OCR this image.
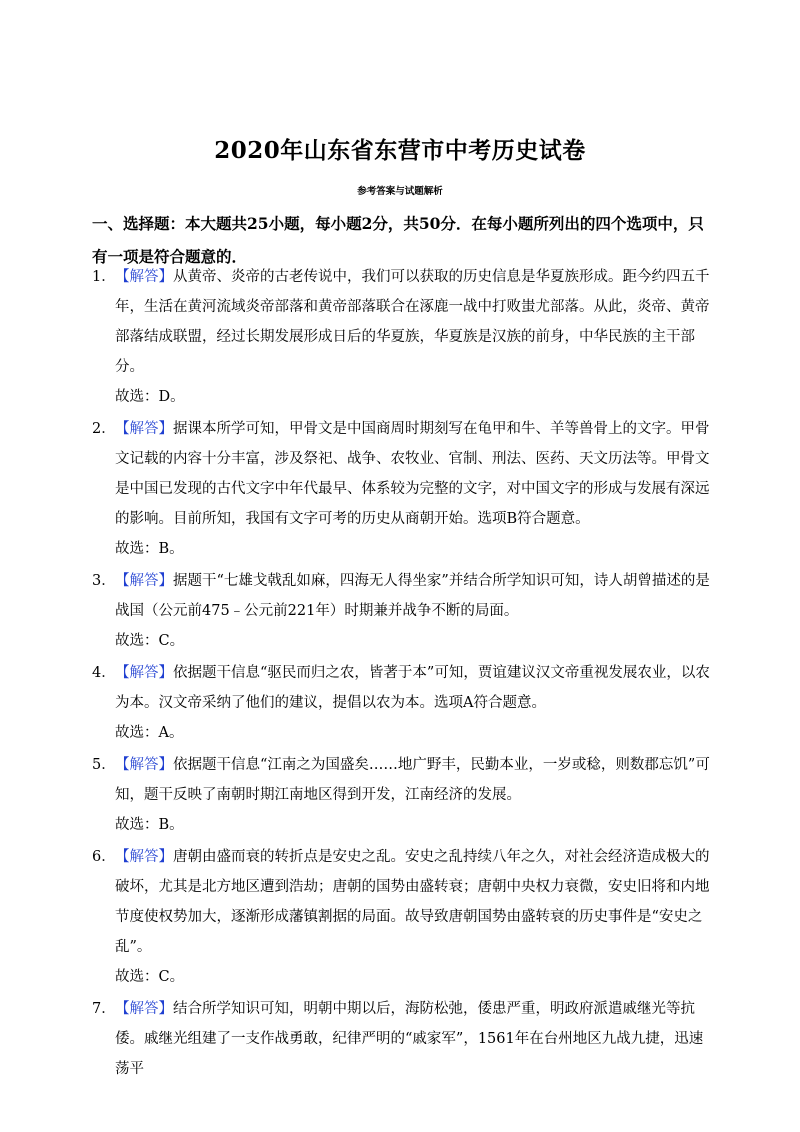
2020年山东省东营市中考历史试卷
参考答案与试题解析

一、选择题：本大题共25小题，每小题2分，共50分．在每小题所列出的四个选项中，只有一项是符合题意的．

1． 【解答】从黄帝、炎帝的古老传说中，我们可以获取的历史信息是华夏族形成。距今约四五千年，生活在黄河流域炎帝部落和黄帝部落联合在涿鹿一战中打败蚩尤部落。从此，炎帝、黄帝部落结成联盟，经过长期发展形成日后的华夏族，华夏族是汉族的前身，中华民族的主干部分。

故选：D。

2． 【解答】据课本所学可知，甲骨文是中国商周时期刻写在龟甲和牛、羊等兽骨上的文字。甲骨文记载的内容十分丰富，涉及祭祀、战争、农牧业、官制、刑法、医药、天文历法等。甲骨文是中国已发现的古代文字中年代最早、体系较为完整的文字，对中国文字的形成与发展有深远的影响。目前所知，我国有文字可考的历史从商朝开始。选项B符合题意。

故选：B。

3． 【解答】据题干“七雄戈戟乱如麻，四海无人得坐家”并结合所学知识可知，诗人胡曾描述的是战国（公元前475﹣公元前221年）时期兼并战争不断的局面。

故选：C。

4． 【解答】依据题干信息“驱民而归之农，皆著于本”可知，贾谊建议汉文帝重视发展农业，以农为本。汉文帝采纳了他们的建议，提倡以农为本。选项A符合题意。

故选：A。

5． 【解答】依据题干信息“江南之为国盛矣……地广野丰，民勤本业，一岁或稔，则数郡忘饥”可知，题干反映了南朝时期江南地区得到开发，江南经济的发展。

故选：B。

6． 【解答】唐朝由盛而衰的转折点是安史之乱。安史之乱持续八年之久，对社会经济造成极大的破坏，尤其是北方地区遭到浩劫；唐朝的国势由盛转衰；唐朝中央权力衰微，安史旧将和内地节度使权势加大，逐渐形成藩镇割据的局面。故导致唐朝国势由盛转衰的历史事件是“安史之乱”。

故选：C。

7． 【解答】结合所学知识可知，明朝中期以后，海防松弛，倭患严重，明政府派遣戚继光等抗倭。戚继光组建了一支作战勇敢，纪律严明的“戚家军”，1561年在台州地区九战九捷，迅速荡平
